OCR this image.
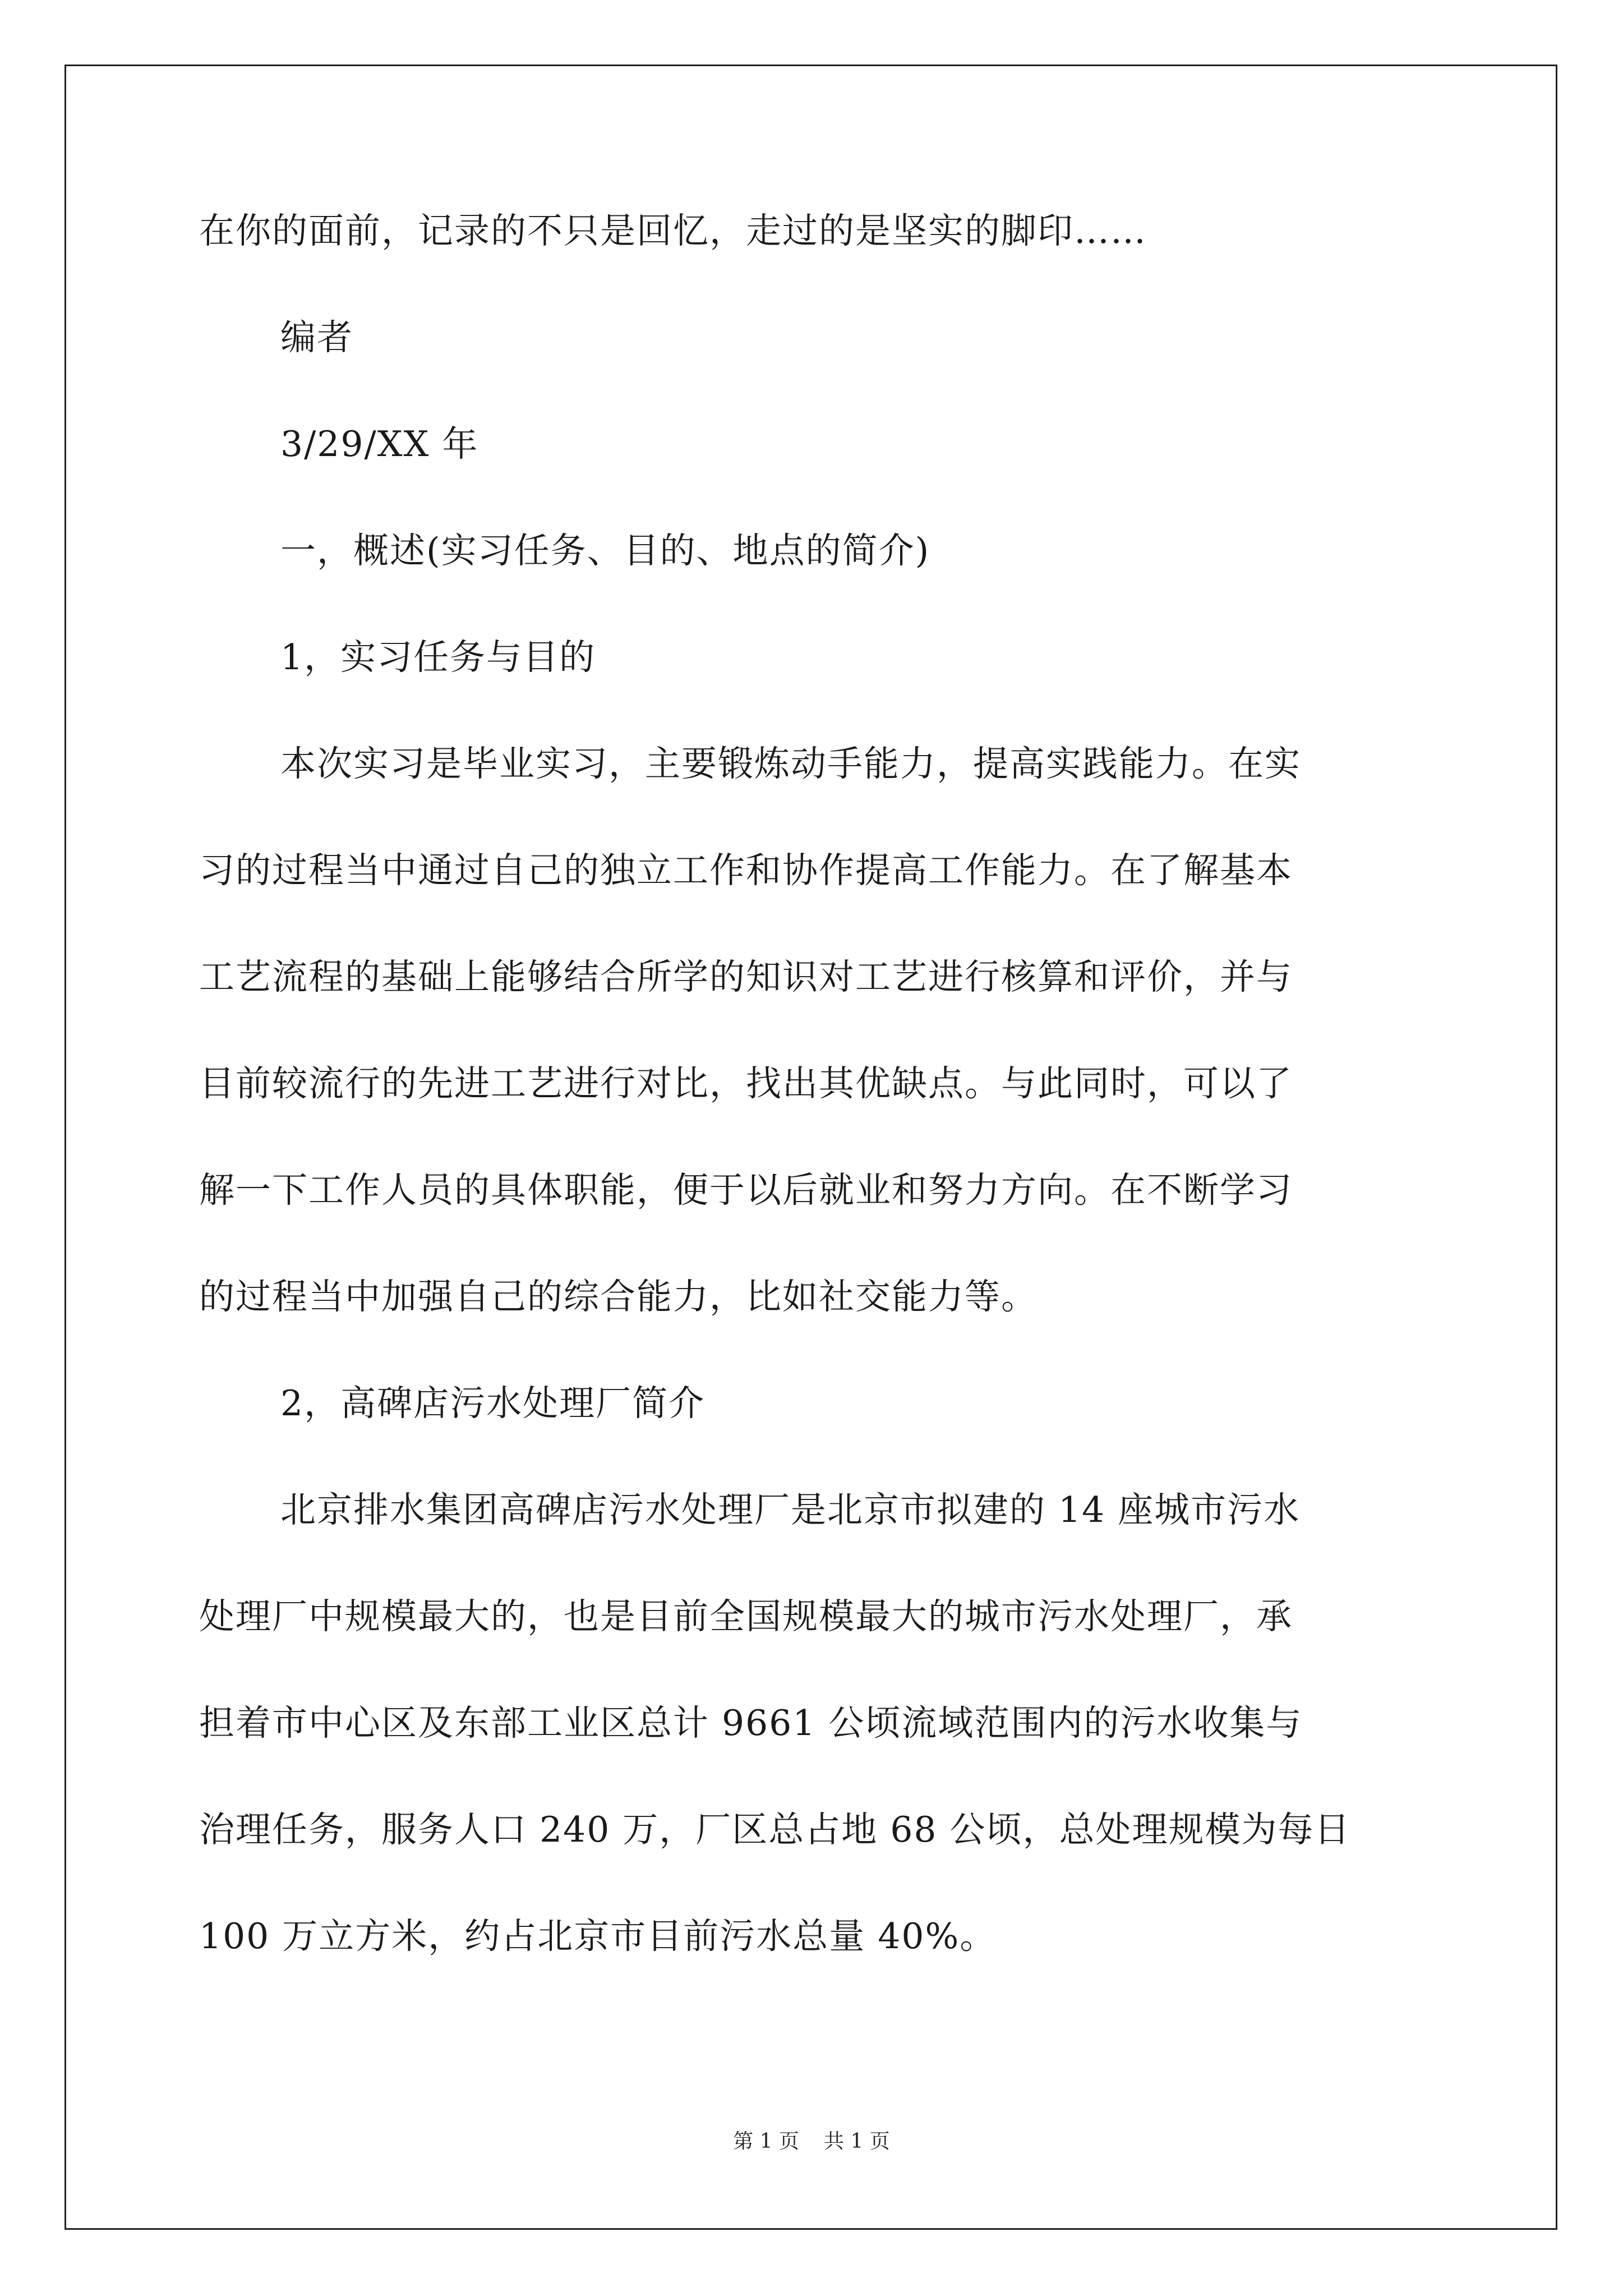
在你的面前，记录的不只是回忆，走过的是坚实的脚印……
编者
3/29/XX 年
一，概述(实习任务、目的、地点的简介)
1，实习任务与目的
本次实习是毕业实习，主要锻炼动手能力，提高实践能力。在实
习的过程当中通过自己的独立工作和协作提高工作能力。在了解基本
工艺流程的基础上能够结合所学的知识对工艺进行核算和评价，并与
目前较流行的先进工艺进行对比，找出其优缺点。与此同时，可以了
解一下工作人员的具体职能，便于以后就业和努力方向。在不断学习
的过程当中加强自己的综合能力，比如社交能力等。
2，高碑店污水处理厂简介
北京排水集团高碑店污水处理厂是北京市拟建的 14 座城市污水
处理厂中规模最大的，也是目前全国规模最大的城市污水处理厂，承
担着市中心区及东部工业区总计 9661 公顷流域范围内的污水收集与
治理任务，服务人口 240 万，厂区总占地 68 公顷，总处理规模为每日
100 万立方米，约占北京市目前污水总量 40%。
第 1 页 共 1 页
